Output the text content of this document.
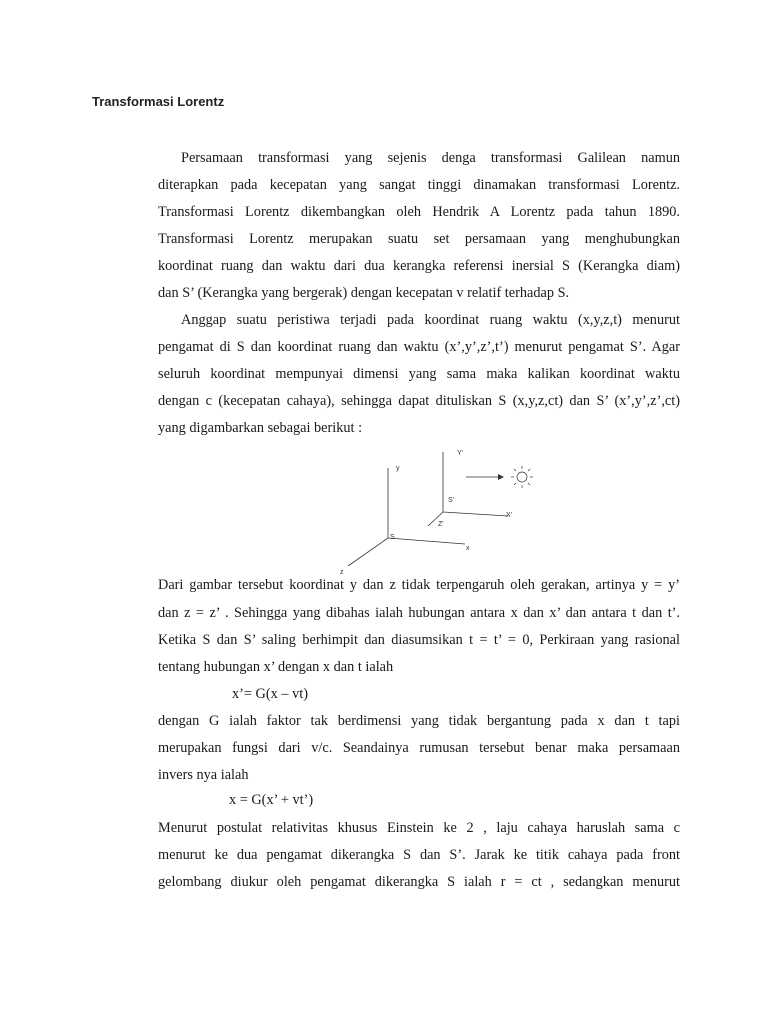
Transformasi Lorentz
Persamaan transformasi yang sejenis denga transformasi Galilean namun
diterapkan pada kecepatan yang sangat tinggi dinamakan transformasi Lorentz.
Transformasi Lorentz dikembangkan oleh Hendrik A Lorentz pada tahun 1890.
Transformasi Lorentz merupakan suatu set persamaan yang menghubungkan
koordinat ruang dan waktu dari dua kerangka referensi inersial S (Kerangka diam)
dan S’ (Kerangka yang bergerak) dengan kecepatan v relatif terhadap S.
Anggap suatu peristiwa terjadi pada koordinat ruang waktu (x,y,z,t) menurut
pengamat di S dan koordinat ruang dan waktu (x’,y’,z’,t’) menurut pengamat S’. Agar
seluruh koordinat mempunyai dimensi yang sama maka kalikan koordinat waktu
dengan c (kecepatan cahaya), sehingga dapat dituliskan S (x,y,z,ct) dan S’ (x’,y’,z’,ct)
yang digambarkan sebagai berikut :
y
x
z
S
Y'
X'
Z'
S'
Dari gambar tersebut koordinat y dan z tidak terpengaruh oleh gerakan, artinya y = y’
dan z = z’ . Sehingga yang dibahas ialah hubungan antara x dan x’ dan antara t dan t’.
Ketika S dan S’ saling berhimpit dan diasumsikan t = t’ = 0, Perkiraan yang rasional
tentang hubungan x’ dengan x dan t ialah
x’= G(x – vt)
dengan G ialah faktor tak berdimensi yang tidak bergantung pada x dan t tapi
merupakan fungsi dari v/c. Seandainya rumusan tersebut benar maka persamaan
invers nya ialah
x = G(x’ + vt’)
Menurut postulat relativitas khusus Einstein ke 2 , laju cahaya haruslah sama c
menurut ke dua pengamat dikerangka S dan S’. Jarak ke titik cahaya pada front
gelombang diukur oleh pengamat dikerangka S ialah r = ct , sedangkan menurut
